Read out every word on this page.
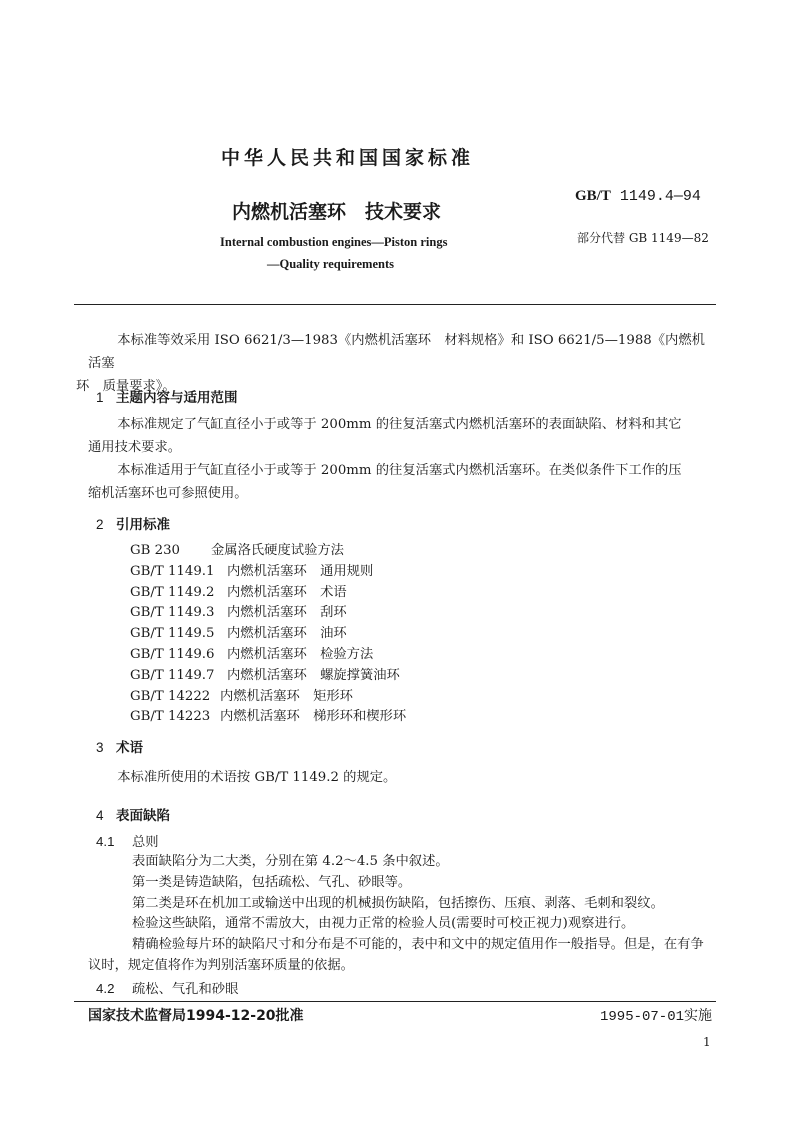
中华人民共和国国家标准
内燃机活塞环　技术要求
Internal combustion engines—Piston rings
—Quality requirements
GB/T 1149.4—94
部分代替 GB 1149—82

本标准等效采用 ISO 6621/3—1983《内燃机活塞环　材料规格》和 ISO 6621/5—1988《内燃机活塞

环　质量要求》。
1 主题内容与适用范围

本标准规定了气缸直径小于或等于 200mm 的往复活塞式内燃机活塞环的表面缺陷、材料和其它

通用技术要求。

本标准适用于气缸直径小于或等于 200mm 的往复活塞式内燃机活塞环。在类似条件下工作的压

缩机活塞环也可参照使用。
2 引用标准
GB 230 金属洛氏硬度试验方法
GB/T 1149.1 内燃机活塞环　通用规则
GB/T 1149.2 内燃机活塞环　术语
GB/T 1149.3 内燃机活塞环　刮环
GB/T 1149.5 内燃机活塞环　油环
GB/T 1149.6 内燃机活塞环　检验方法
GB/T 1149.7 内燃机活塞环　螺旋撑簧油环
GB/T 14222 内燃机活塞环　矩形环
GB/T 14223 内燃机活塞环　梯形环和楔形环
3 术语

本标准所使用的术语按 GB/T 1149.2 的规定。

4 表面缺陷
4.1 总则
表面缺陷分为二大类，分别在第 4.2～4.5 条中叙述。
第一类是铸造缺陷，包括疏松、气孔、砂眼等。
第二类是环在机加工或输送中出现的机械损伤缺陷，包括擦伤、压痕、剥落、毛刺和裂纹。
检验这些缺陷，通常不需放大，由视力正常的检验人员(需要时可校正视力)观察进行。
精确检验每片环的缺陷尺寸和分布是不可能的，表中和文中的规定值用作一般指导。但是，在有争
议时，规定值将作为判别活塞环质量的依据。
4.2 疏松、气孔和砂眼
国家技术监督局1994-12-20批准	1995-07-01实施
1
